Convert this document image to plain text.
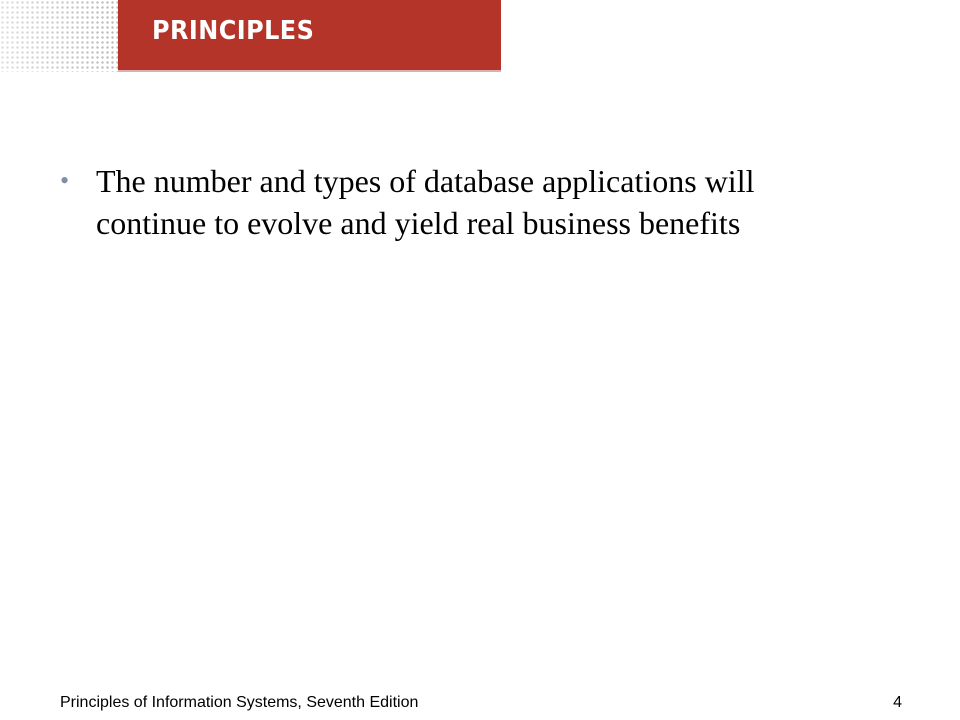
PRINCIPLES
• The number and types of database applications will continue to evolve and yield real business benefits
Principles of Information Systems, Seventh Edition	4
